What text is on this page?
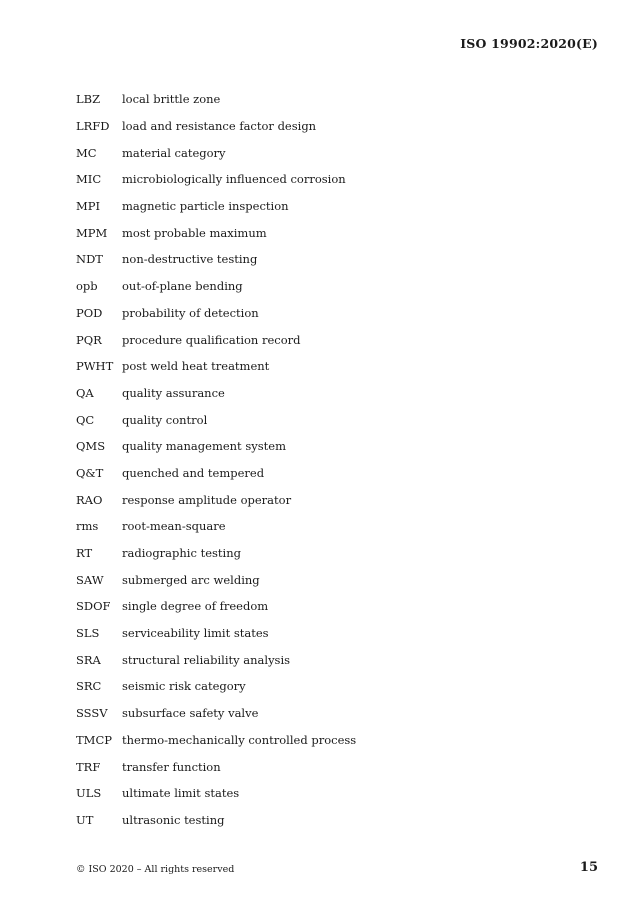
ISO 19902:2020(E)
LBZ	local brittle zone
LRFD	load and resistance factor design
MC	material category
MIC	microbiologically influenced corrosion
MPI	magnetic particle inspection
MPM	most probable maximum
NDT	non-destructive testing
opb	out-of-plane bending
POD	probability of detection
PQR	procedure qualification record
PWHT post weld heat treatment
QA	quality assurance
QC	quality control
QMS	quality management system
Q&T	quenched and tempered
RAO	response amplitude operator
rms	root-mean-square
RT	radiographic testing
SAW	submerged arc welding
SDOF single degree of freedom
SLS	serviceability limit states
SRA	structural reliability analysis
SRC	seismic risk category
SSSV	subsurface safety valve
TMCP thermo-mechanically controlled process
TRF	transfer function
ULS	ultimate limit states
UT	ultrasonic testing
© ISO 2020 – All rights reserved	15
